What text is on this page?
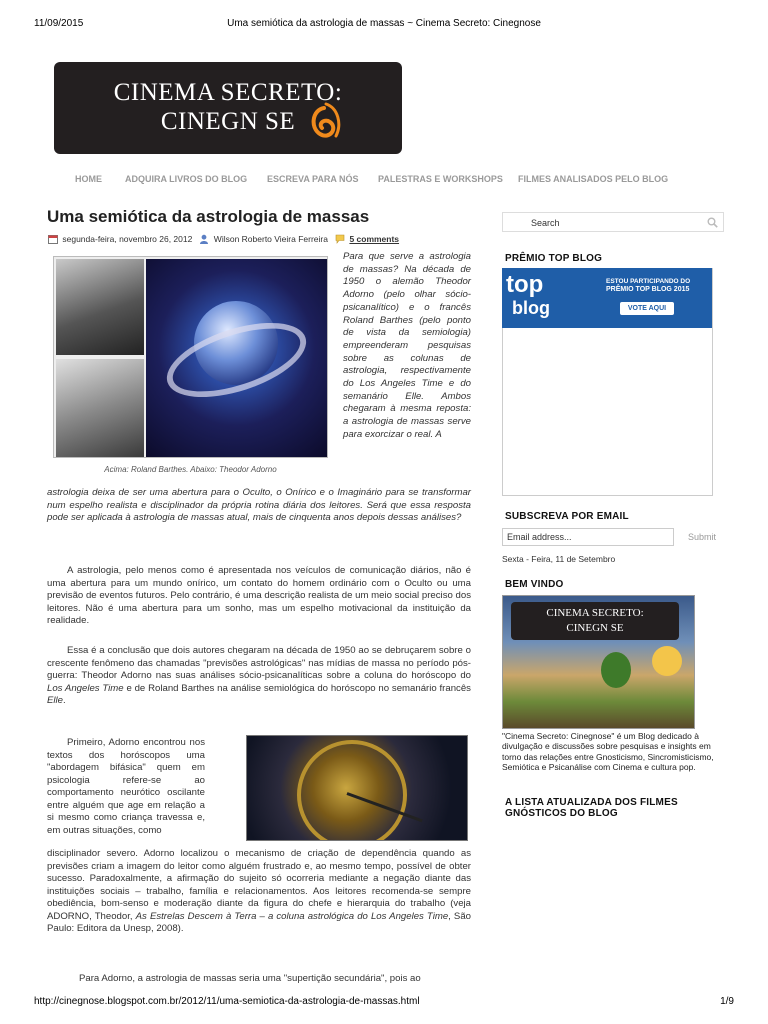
11/09/2015	Uma semiótica da astrologia de massas ~ Cinema Secreto: Cinegnose
CINEMA SECRETO:
CINEGN SE
HOME	ADQUIRA LIVROS DO BLOG ESCREVA PARA NÓS PALESTRAS E WORKSHOPS FILMES ANALISADOS PELO BLOG
Uma semiótica da astrologia de massas
segunda-feira, novembro 26, 2012	Wilson Roberto Vieira Ferreira	5 comments
Acima: Roland Barthes. Abaixo: Theodor Adorno
Para que serve a astrologia de massas? Na década de 1950 o alemão Theodor Adorno (pelo olhar sócio-psicanalítico) e o francês Roland Barthes (pelo ponto de vista da semiologia) empreenderam pesquisas sobre as colunas de astrologia, respectivamente do Los Angeles Time e do semanário Elle. Ambos chegaram à mesma reposta: a astrologia de massas serve para exorcizar o real. A
astrologia deixa de ser uma abertura para o Oculto, o Onírico e o Imaginário para se transformar num espelho realista e disciplinador da própria rotina diária dos leitores. Será que essa resposta pode ser aplicada à astrologia de massas atual, mais de cinquenta anos depois dessas análises?

A astrologia, pelo menos como é apresentada nos veículos de comunicação diários, não é uma abertura para um mundo onírico, um contato do homem ordinário com o Oculto ou uma previsão de eventos futuros. Pelo contrário, é uma descrição realista de um meio social preciso dos leitores. Não é uma abertura para um sonho, mas um espelho motivacional da instituição da realidade.

Essa é a conclusão que dois autores chegaram na década de 1950 ao se debruçarem sobre o crescente fenômeno das chamadas "previsões astrológicas" nas mídias de massa no período pós-guerra: Theodor Adorno nas suas análises sócio-psicanalíticas sobre a coluna do horóscopo do Los Angeles Time e de Roland Barthes na análise semiológica do horóscopo no semanário francês Elle.

Primeiro, Adorno encontrou nos textos dos horóscopos uma "abordagem bifásica" quem em psicologia refere-se ao comportamento neurótico oscilante entre alguém que age em relação a si mesmo como criança travessa e, em outras situações, como

disciplinador severo. Adorno localizou o mecanismo de criação de dependência quando as previsões criam a imagem do leitor como alguém frustrado e, ao mesmo tempo, possível de obter sucesso. Paradoxalmente, a afirmação do sujeito só ocorreria mediante a negação diante das instituições sociais – trabalho, família e relacionamentos. Aos leitores recomenda-se sempre obediência, bom-senso e moderação diante da figura do chefe e hierarquia do trabalho (veja ADORNO, Theodor, As Estrelas Descem à Terra – a coluna astrológica do Los Angeles Time, São Paulo: Editora da Unesp, 2008).

Para Adorno, a astrologia de massas seria uma "supertição secundária", pois ao

Search
PRÊMIO TOP BLOG
top
blog
ESTOU PARTICIPANDO DO
PRÊMIO TOP BLOG 2015
VOTE AQUI
SUBSCREVA POR EMAIL
Email address...	Submit
Sexta - Feira, 11 de Setembro
BEM VINDO
CINEMA SECRETO:
CINEGN SE
"Cinema Secreto: Cinegnose" é um Blog dedicado à divulgação e discussões sobre pesquisas e insights em torno das relações entre Gnosticismo, Sincromisticismo, Semiótica e Psicanálise com Cinema e cultura pop.
A LISTA ATUALIZADA DOS FILMES GNÓSTICOS DO BLOG
http://cinegnose.blogspot.com.br/2012/11/uma-semiotica-da-astrologia-de-massas.html	1/9
